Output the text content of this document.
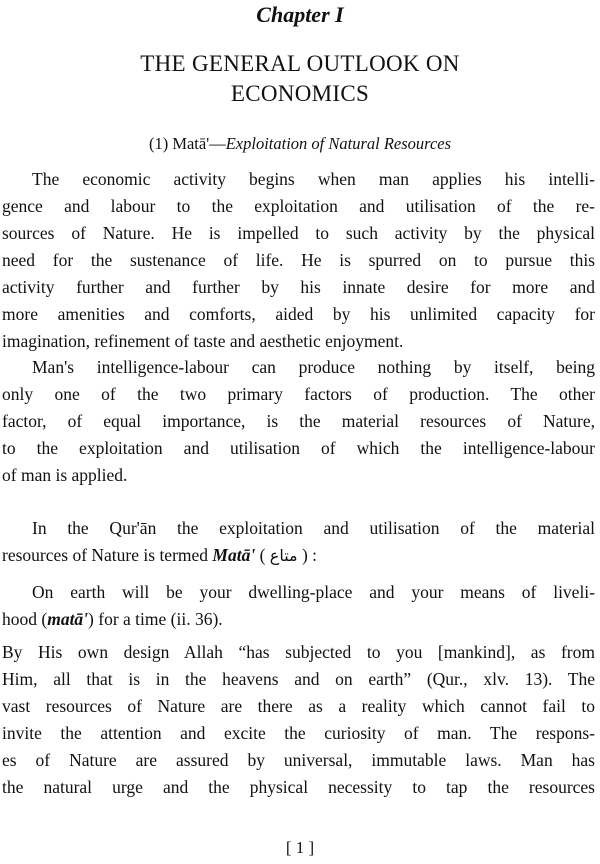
Chapter I
THE GENERAL OUTLOOK ON
ECONOMICS
(1) Matā'—Exploitation of Natural Resources
The economic activity begins when man applies his intelli-
gence and labour to the exploitation and utilisation of the re-
sources of Nature. He is impelled to such activity by the physical
need for the sustenance of life. He is spurred on to pursue this
activity further and further by his innate desire for more and
more amenities and comforts, aided by his unlimited capacity for
imagination, refinement of taste and aesthetic enjoyment.
Man's intelligence-labour can produce nothing by itself, being
only one of the two primary factors of production. The other
factor, of equal importance, is the material resources of Nature,
to the exploitation and utilisation of which the intelligence-labour
of man is applied.
In the Qur'ān the exploitation and utilisation of the material
resources of Nature is termed Matā' ( متاع ) :
On earth will be your dwelling-place and your means of liveli-
hood (matā') for a time (ii. 36).
By His own design Allah “has subjected to you [mankind], as from
Him, all that is in the heavens and on earth” (Qur., xlv. 13). The
vast resources of Nature are there as a reality which cannot fail to
invite the attention and excite the curiosity of man. The respons-
es of Nature are assured by universal, immutable laws. Man has
the natural urge and the physical necessity to tap the resources
[ 1 ]
